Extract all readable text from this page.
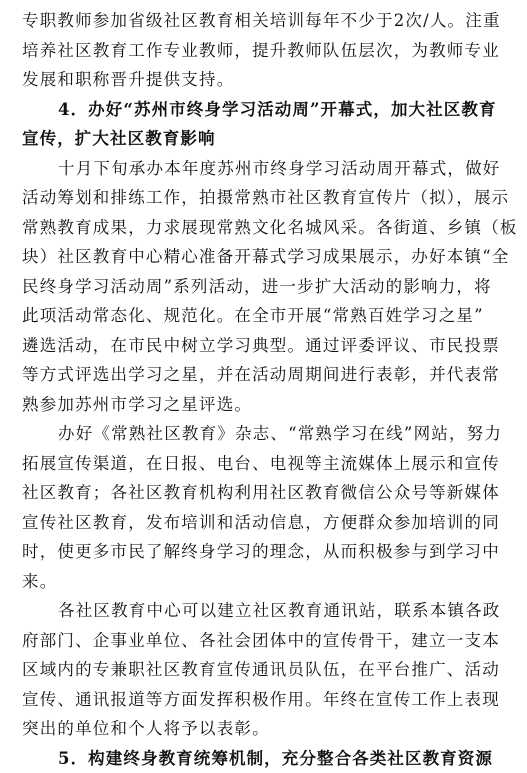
专职教师参加省级社区教育相关培训每年不少于2次/人。注重
培养社区教育工作专业教师，提升教师队伍层次，为教师专业
发展和职称晋升提供支持。
4．办好“苏州市终身学习活动周”开幕式，加大社区教育
宣传，扩大社区教育影响
十月下旬承办本年度苏州市终身学习活动周开幕式，做好
活动筹划和排练工作，拍摄常熟市社区教育宣传片（拟），展示
常熟教育成果，力求展现常熟文化名城风采。各街道、乡镇（板
块）社区教育中心精心准备开幕式学习成果展示，办好本镇“全
民终身学习活动周”系列活动，进一步扩大活动的影响力，将
此项活动常态化、规范化。在全市开展“常熟百姓学习之星”
遴选活动，在市民中树立学习典型。通过评委评议、市民投票
等方式评选出学习之星，并在活动周期间进行表彰，并代表常
熟参加苏州市学习之星评选。
办好《常熟社区教育》杂志、“常熟学习在线”网站，努力
拓展宣传渠道，在日报、电台、电视等主流媒体上展示和宣传
社区教育；各社区教育机构利用社区教育微信公众号等新媒体
宣传社区教育，发布培训和活动信息，方便群众参加培训的同
时，使更多市民了解终身学习的理念，从而积极参与到学习中
来。
各社区教育中心可以建立社区教育通讯站，联系本镇各政
府部门、企事业单位、各社会团体中的宣传骨干，建立一支本
区域内的专兼职社区教育宣传通讯员队伍，在平台推广、活动
宣传、通讯报道等方面发挥积极作用。年终在宣传工作上表现
突出的单位和个人将予以表彰。
5．构建终身教育统筹机制，充分整合各类社区教育资源
